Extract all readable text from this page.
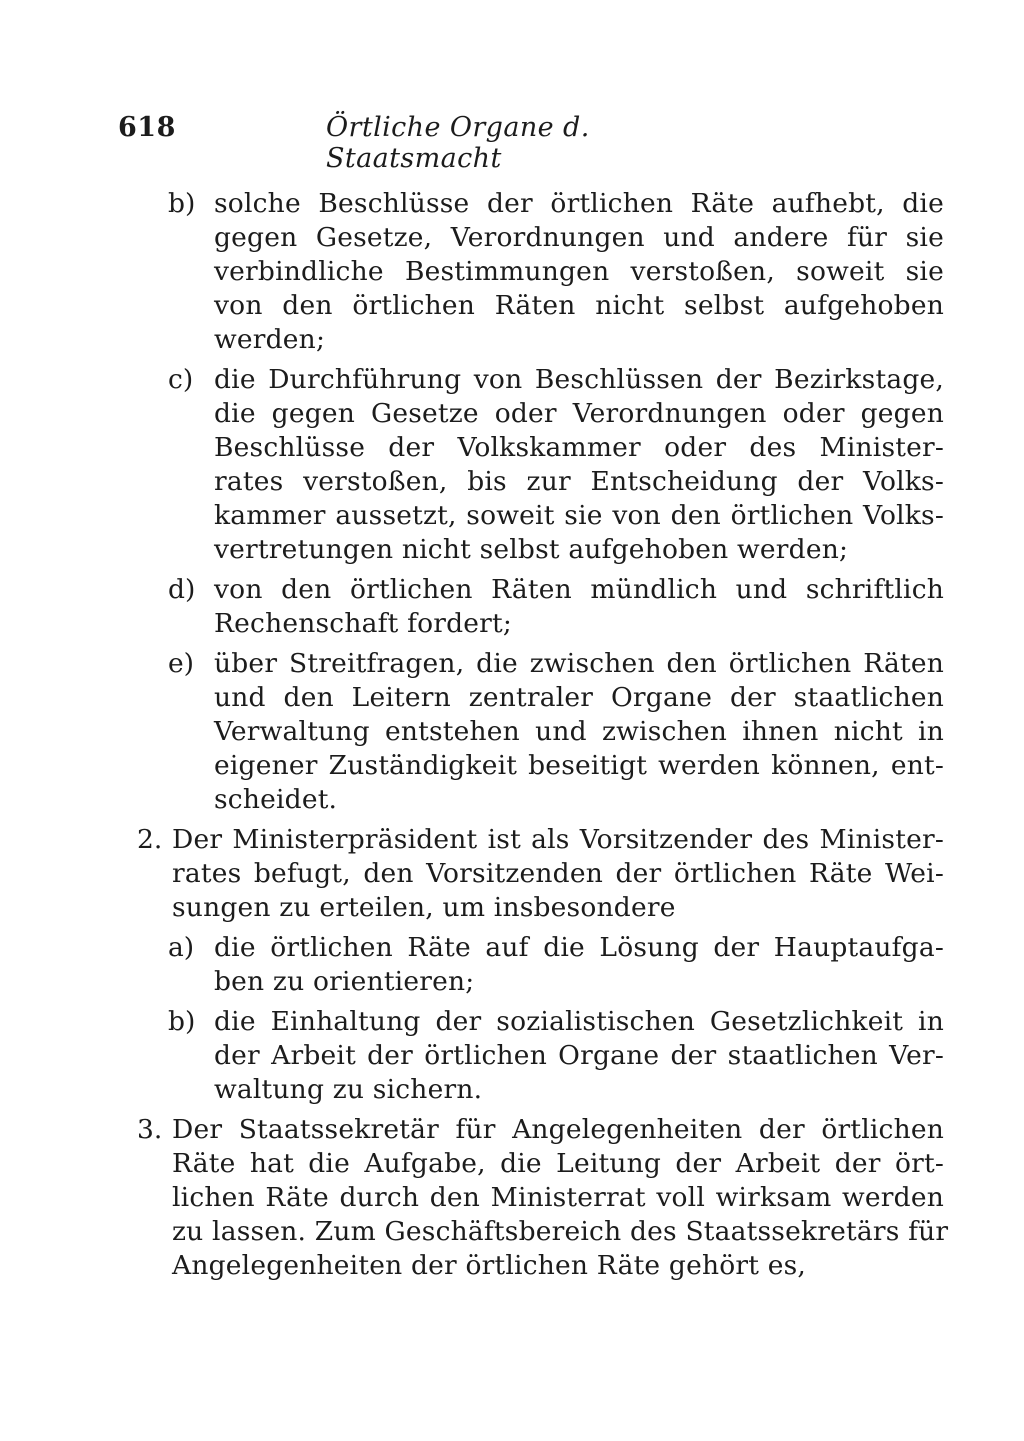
618	Örtliche Organe d. Staatsmacht
b) solche Beschlüsse der örtlichen Räte aufhebt, die
gegen Gesetze, Verordnungen und andere für sie
verbindliche Bestimmungen verstoßen, soweit sie
von den örtlichen Räten nicht selbst aufgehoben
werden;
c) die Durchführung von Beschlüssen der Bezirkstage,
die gegen Gesetze oder Verordnungen oder gegen
Beschlüsse der Volkskammer oder des Minister-
rates verstoßen, bis zur Entscheidung der Volks-
kammer aussetzt, soweit sie von den örtlichen Volks-
vertretungen nicht selbst aufgehoben werden;
d) von den örtlichen Räten mündlich und schriftlich
Rechenschaft fordert;
e) über Streitfragen, die zwischen den örtlichen Räten
und den Leitern zentraler Organe der staatlichen
Verwaltung entstehen und zwischen ihnen nicht in
eigener Zuständigkeit beseitigt werden können, ent-
scheidet.
2. Der Ministerpräsident ist als Vorsitzender des Minister-
rates befugt, den Vorsitzenden der örtlichen Räte Wei-
sungen zu erteilen, um insbesondere
a) die örtlichen Räte auf die Lösung der Hauptaufga-
ben zu orientieren;
b) die Einhaltung der sozialistischen Gesetzlichkeit in
der Arbeit der örtlichen Organe der staatlichen Ver-
waltung zu sichern.
3. Der Staatssekretär für Angelegenheiten der örtlichen
Räte hat die Aufgabe, die Leitung der Arbeit der ört-
lichen Räte durch den Ministerrat voll wirksam werden
zu lassen. Zum Geschäftsbereich des Staatssekretärs für
Angelegenheiten der örtlichen Räte gehört es,
